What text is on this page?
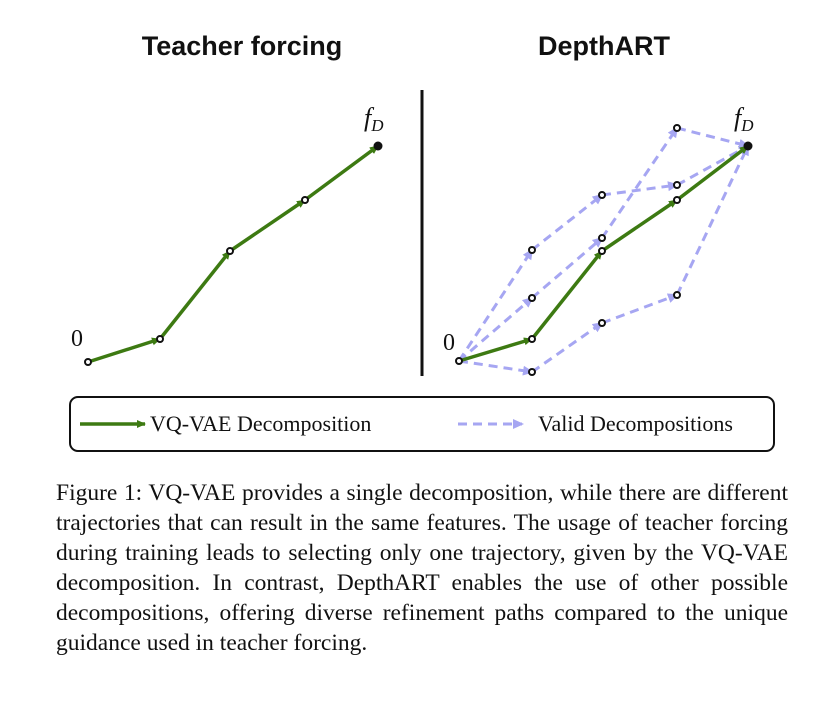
Teacher forcing	DepthART
0
fD
0
fD
VQ-VAE Decomposition	Valid Decompositions

Figure 1: VQ-VAE provides a single decomposition, while there are different trajectories that can result in the same features. The usage of teacher forcing during training leads to selecting only one trajectory, given by the VQ-VAE decomposition. In contrast, DepthART enables the use of other possible decompositions, offering diverse refinement paths compared to the unique guidance used in teacher forcing.
